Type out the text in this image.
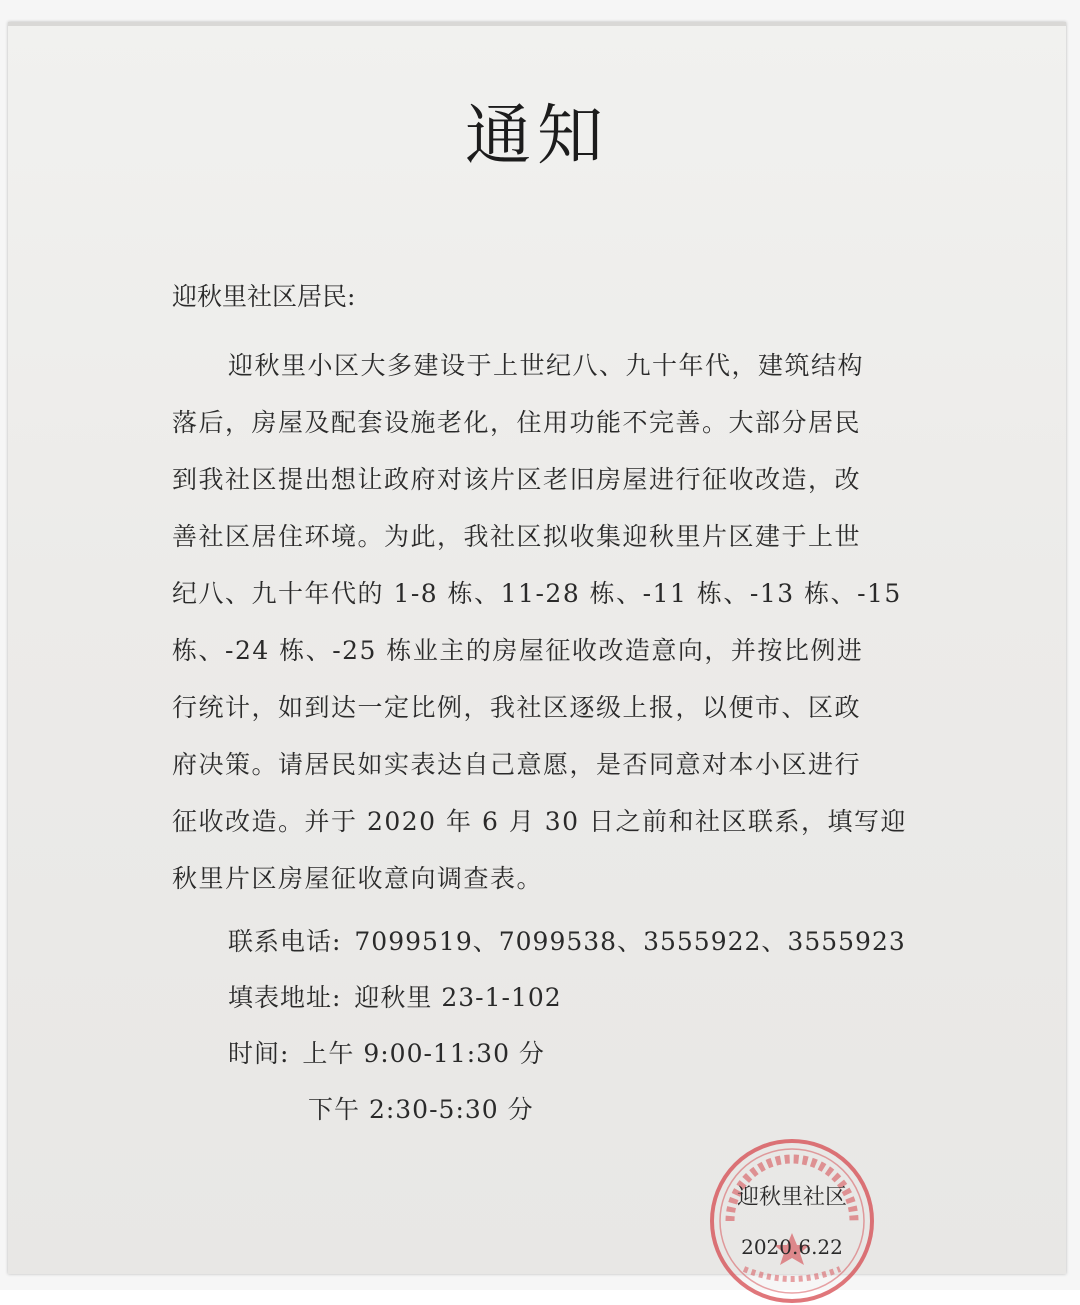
通知
迎秋里社区居民:
迎秋里小区大多建设于上世纪八、九十年代，建筑结构
落后，房屋及配套设施老化，住用功能不完善。大部分居民
到我社区提出想让政府对该片区老旧房屋进行征收改造，改
善社区居住环境。为此，我社区拟收集迎秋里片区建于上世
纪八、九十年代的 1-8 栋、11-28 栋、-11 栋、-13 栋、-15
栋、-24 栋、-25 栋业主的房屋征收改造意向，并按比例进
行统计，如到达一定比例，我社区逐级上报，以便市、区政
府决策。请居民如实表达自己意愿，是否同意对本小区进行
征收改造。并于 2020 年 6 月 30 日之前和社区联系，填写迎
秋里片区房屋征收意向调查表。
联系电话: 7099519、7099538、3555922、3555923
填表地址: 迎秋里 23-1-102
时间: 上午 9:00-11:30 分
下午 2:30-5:30 分
迎秋里社区
2020.6.22
